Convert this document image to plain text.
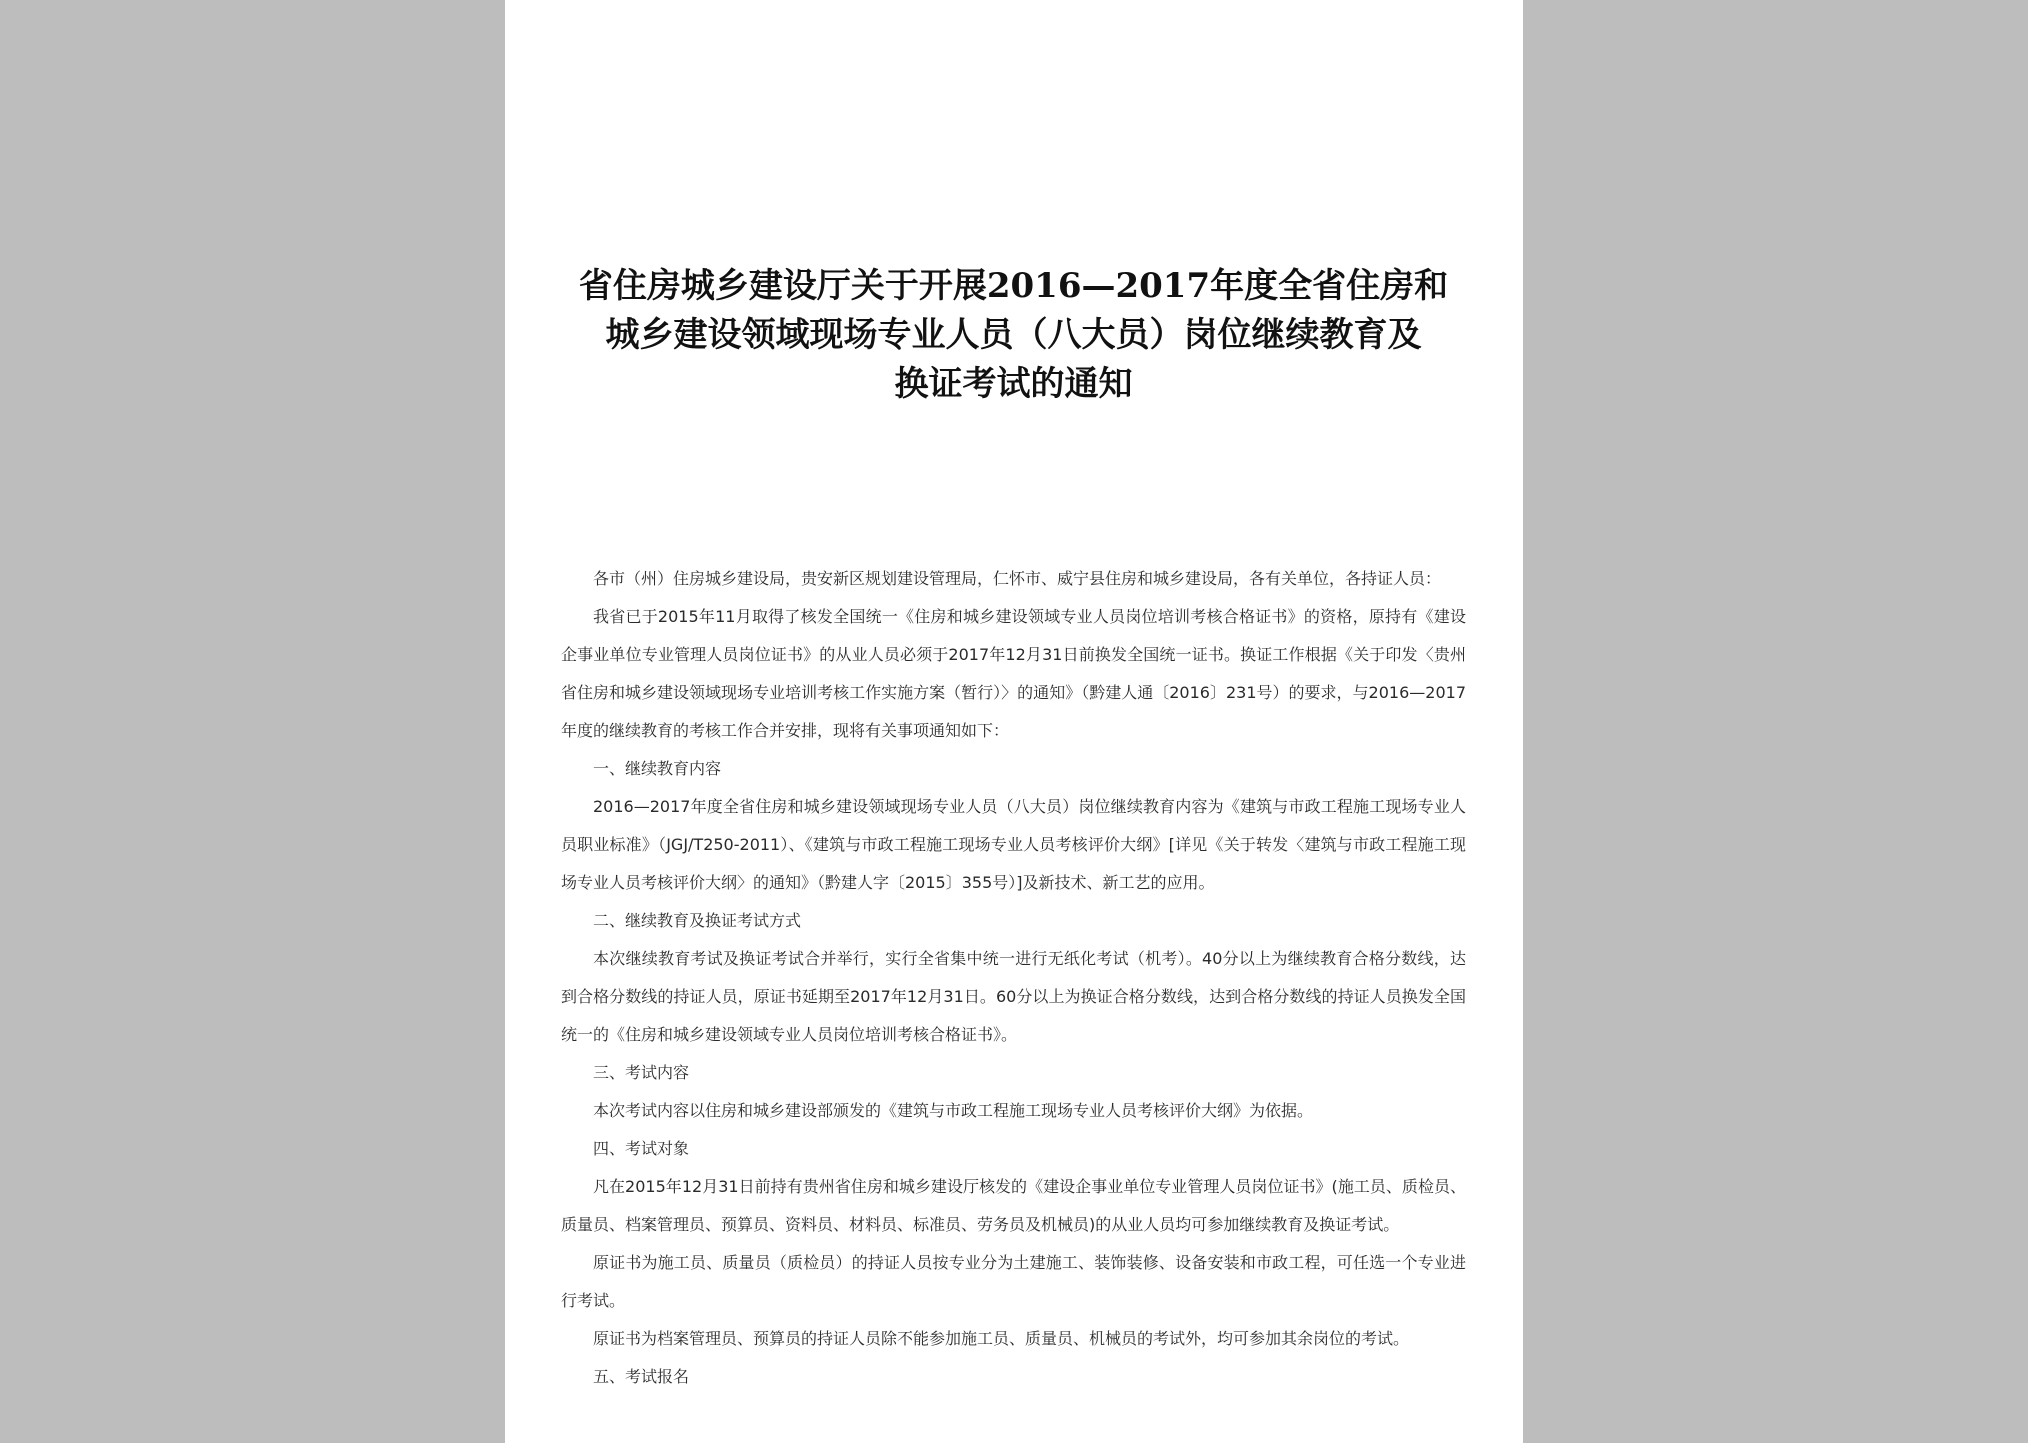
省住房城乡建设厅关于开展2016—2017年度全省住房和
城乡建设领域现场专业人员（八大员）岗位继续教育及
换证考试的通知

各市（州）住房城乡建设局，贵安新区规划建设管理局，仁怀市、威宁县住房和城乡建设局，各有关单位，各持证人员：

我省已于2015年11月取得了核发全国统一《住房和城乡建设领域专业人员岗位培训考核合格证书》的资格，原持有《建设企事业单位专业管理人员岗位证书》的从业人员必须于2017年12月31日前换发全国统一证书。换证工作根据《关于印发〈贵州省住房和城乡建设领域现场专业培训考核工作实施方案（暂行）〉的通知》（黔建人通〔2016〕231号）的要求，与2016—2017年度的继续教育的考核工作合并安排，现将有关事项通知如下：

一、继续教育内容

2016—2017年度全省住房和城乡建设领域现场专业人员（八大员）岗位继续教育内容为《建筑与市政工程施工现场专业人员职业标准》（JGJ/T250-2011）、《建筑与市政工程施工现场专业人员考核评价大纲》[详见《关于转发〈建筑与市政工程施工现场专业人员考核评价大纲〉的通知》（黔建人字〔2015〕355号）]及新技术、新工艺的应用。

二、继续教育及换证考试方式

本次继续教育考试及换证考试合并举行，实行全省集中统一进行无纸化考试（机考）。40分以上为继续教育合格分数线，达到合格分数线的持证人员，原证书延期至2017年12月31日。60分以上为换证合格分数线，达到合格分数线的持证人员换发全国统一的《住房和城乡建设领域专业人员岗位培训考核合格证书》。

三、考试内容

本次考试内容以住房和城乡建设部颁发的《建筑与市政工程施工现场专业人员考核评价大纲》为依据。

四、考试对象

凡在2015年12月31日前持有贵州省住房和城乡建设厅核发的《建设企事业单位专业管理人员岗位证书》(施工员、质检员、质量员、档案管理员、预算员、资料员、材料员、标准员、劳务员及机械员)的从业人员均可参加继续教育及换证考试。

原证书为施工员、质量员（质检员）的持证人员按专业分为土建施工、装饰装修、设备安装和市政工程，可任选一个专业进行考试。

原证书为档案管理员、预算员的持证人员除不能参加施工员、质量员、机械员的考试外，均可参加其余岗位的考试。

五、考试报名
